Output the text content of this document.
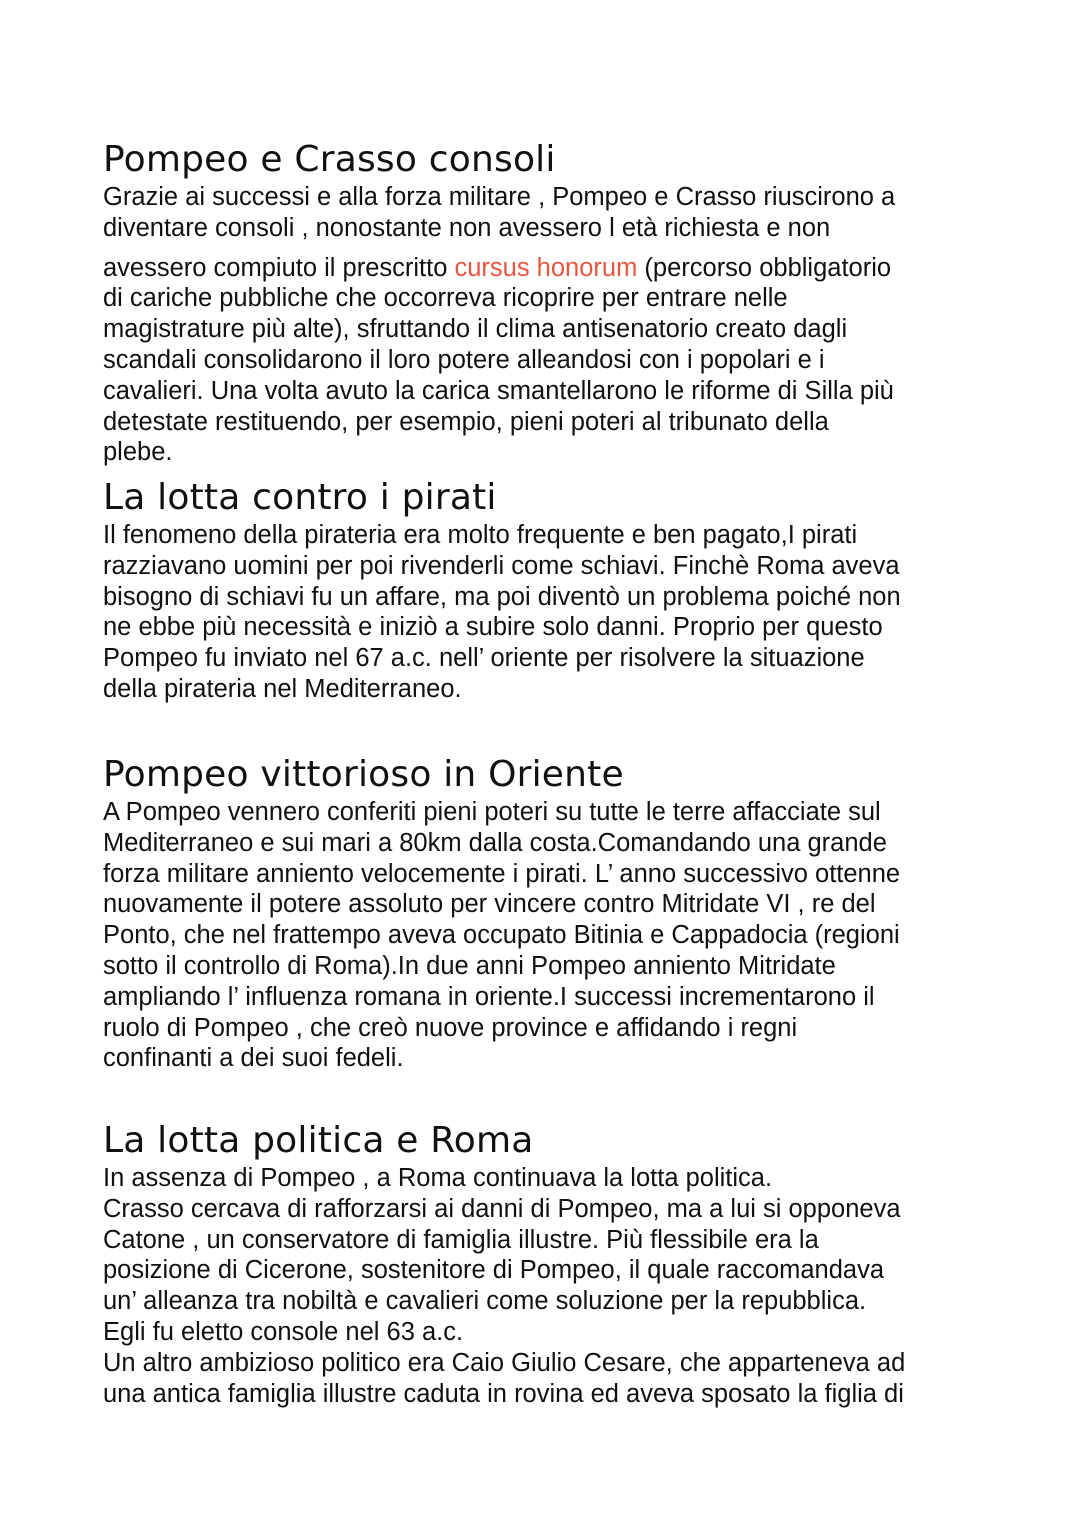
Pompeo e Crasso consoli
Grazie ai successi e alla forza militare , Pompeo e Crasso riuscirono a
diventare consoli , nonostante non avessero l età richiesta e non
avessero compiuto il prescritto cursus honorum (percorso obbligatorio
di cariche pubbliche che occorreva ricoprire per entrare nelle
magistrature più alte), sfruttando il clima antisenatorio creato dagli
scandali consolidarono il loro potere alleandosi con i popolari e i
cavalieri. Una volta avuto la carica smantellarono le riforme di Silla più
detestate restituendo, per esempio, pieni poteri al tribunato della
plebe.
La lotta contro i pirati
Il fenomeno della pirateria era molto frequente e ben pagato,I pirati
razziavano uomini per poi rivenderli come schiavi. Finchè Roma aveva
bisogno di schiavi fu un affare, ma poi diventò un problema poiché non
ne ebbe più necessità e iniziò a subire solo danni. Proprio per questo
Pompeo fu inviato nel 67 a.c. nell’ oriente per risolvere la situazione
della pirateria nel Mediterraneo.
Pompeo vittorioso in Oriente
A Pompeo vennero conferiti pieni poteri su tutte le terre affacciate sul
Mediterraneo e sui mari a 80km dalla costa.Comandando una grande
forza militare anniento velocemente i pirati. L’ anno successivo ottenne
nuovamente il potere assoluto per vincere contro Mitridate VI , re del
Ponto, che nel frattempo aveva occupato Bitinia e Cappadocia (regioni
sotto il controllo di Roma).In due anni Pompeo anniento Mitridate
ampliando l’ influenza romana in oriente.I successi incrementarono il
ruolo di Pompeo , che creò nuove province e affidando i regni
confinanti a dei suoi fedeli.
La lotta politica e Roma
In assenza di Pompeo , a Roma continuava la lotta politica.
Crasso cercava di rafforzarsi ai danni di Pompeo, ma a lui si opponeva
Catone , un conservatore di famiglia illustre. Più flessibile era la
posizione di Cicerone, sostenitore di Pompeo, il quale raccomandava
un’ alleanza tra nobiltà e cavalieri come soluzione per la repubblica.
Egli fu eletto console nel 63 a.c.
Un altro ambizioso politico era Caio Giulio Cesare, che apparteneva ad
una antica famiglia illustre caduta in rovina ed aveva sposato la figlia di
